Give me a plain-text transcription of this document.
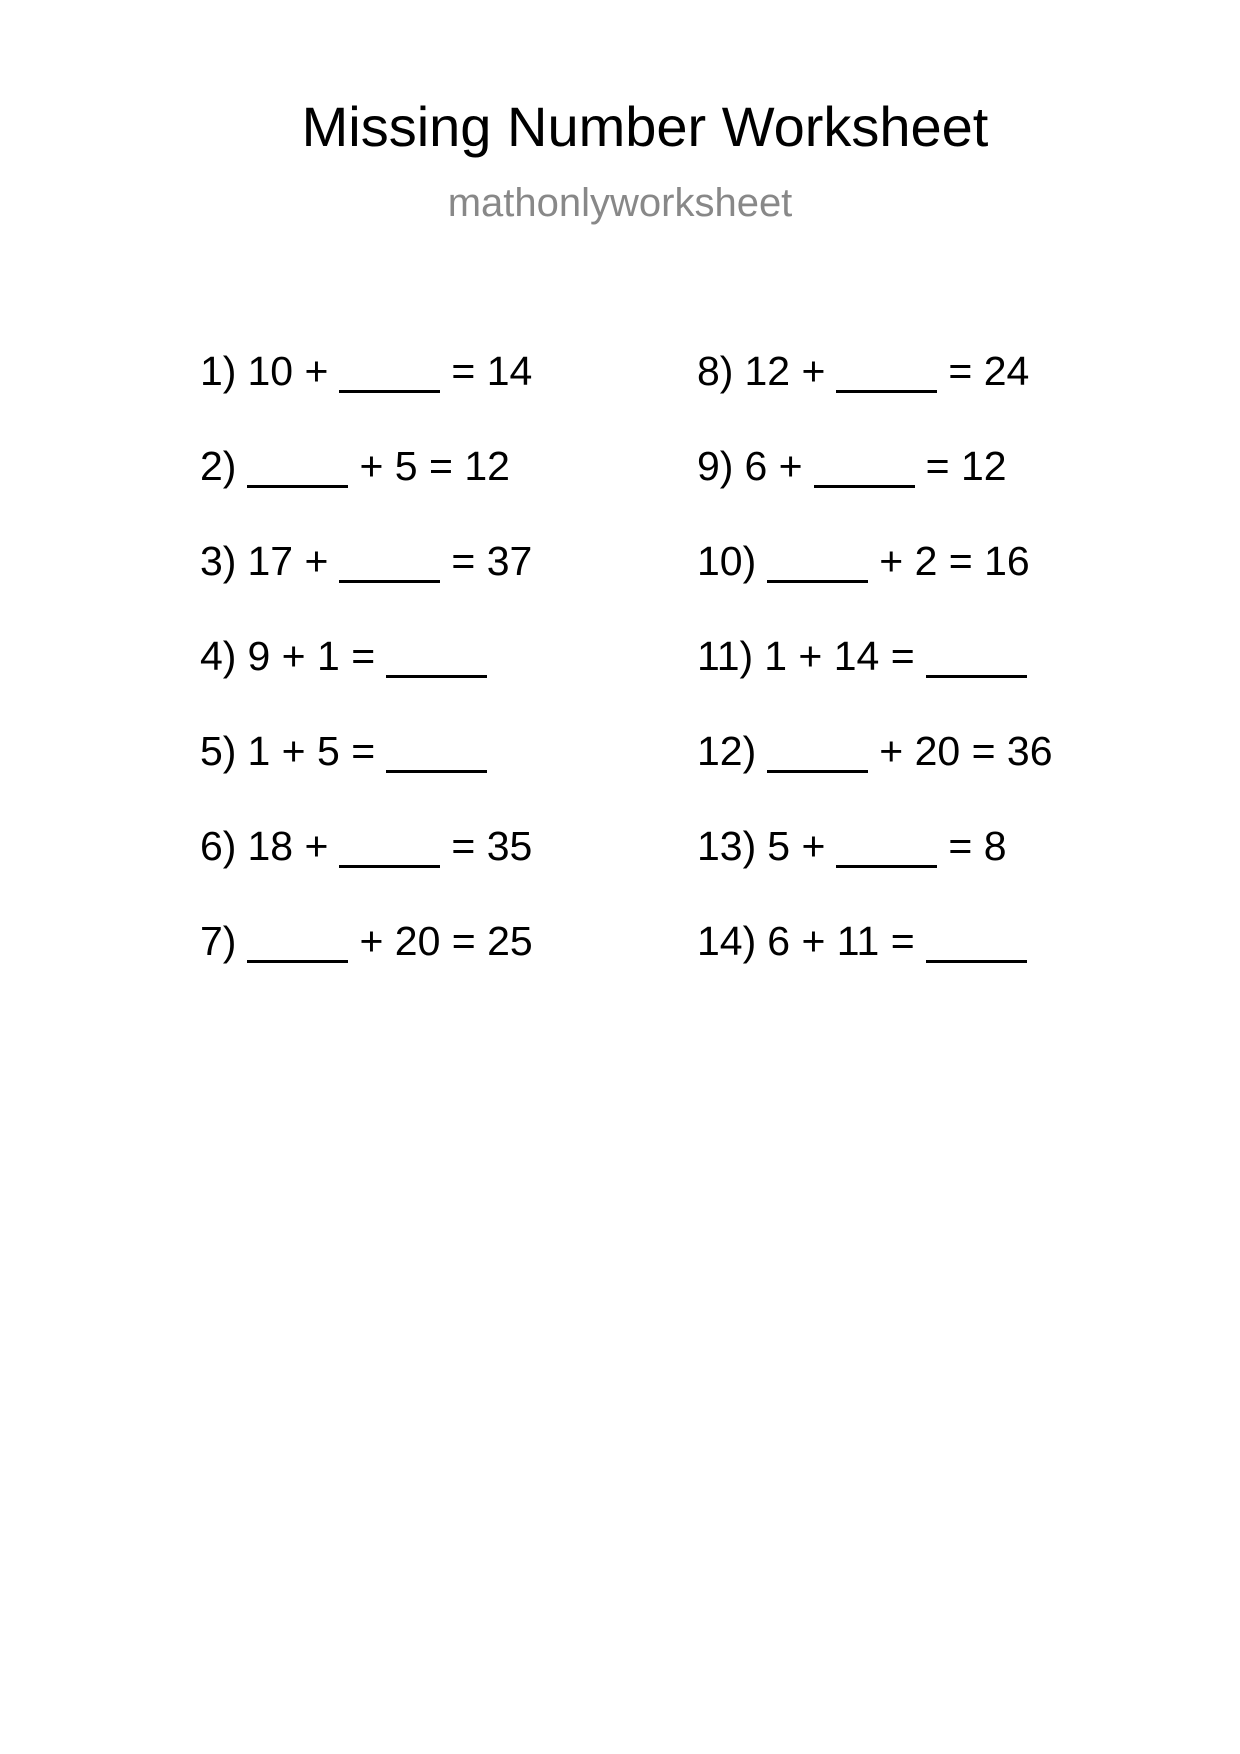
Missing Number Worksheet
mathonlyworksheet
1) 10 +	= 14
2)	+ 5 = 12
3) 17 +	= 37
4) 9 + 1 =
5) 1 + 5 =
6) 18 +	= 35
7)	+ 20 = 25
8) 12 +	= 24
9) 6 +	= 12
10)	+ 2 = 16
11) 1 + 14 =
12)	+ 20 = 36
13) 5 +	= 8
14) 6 + 11 =
